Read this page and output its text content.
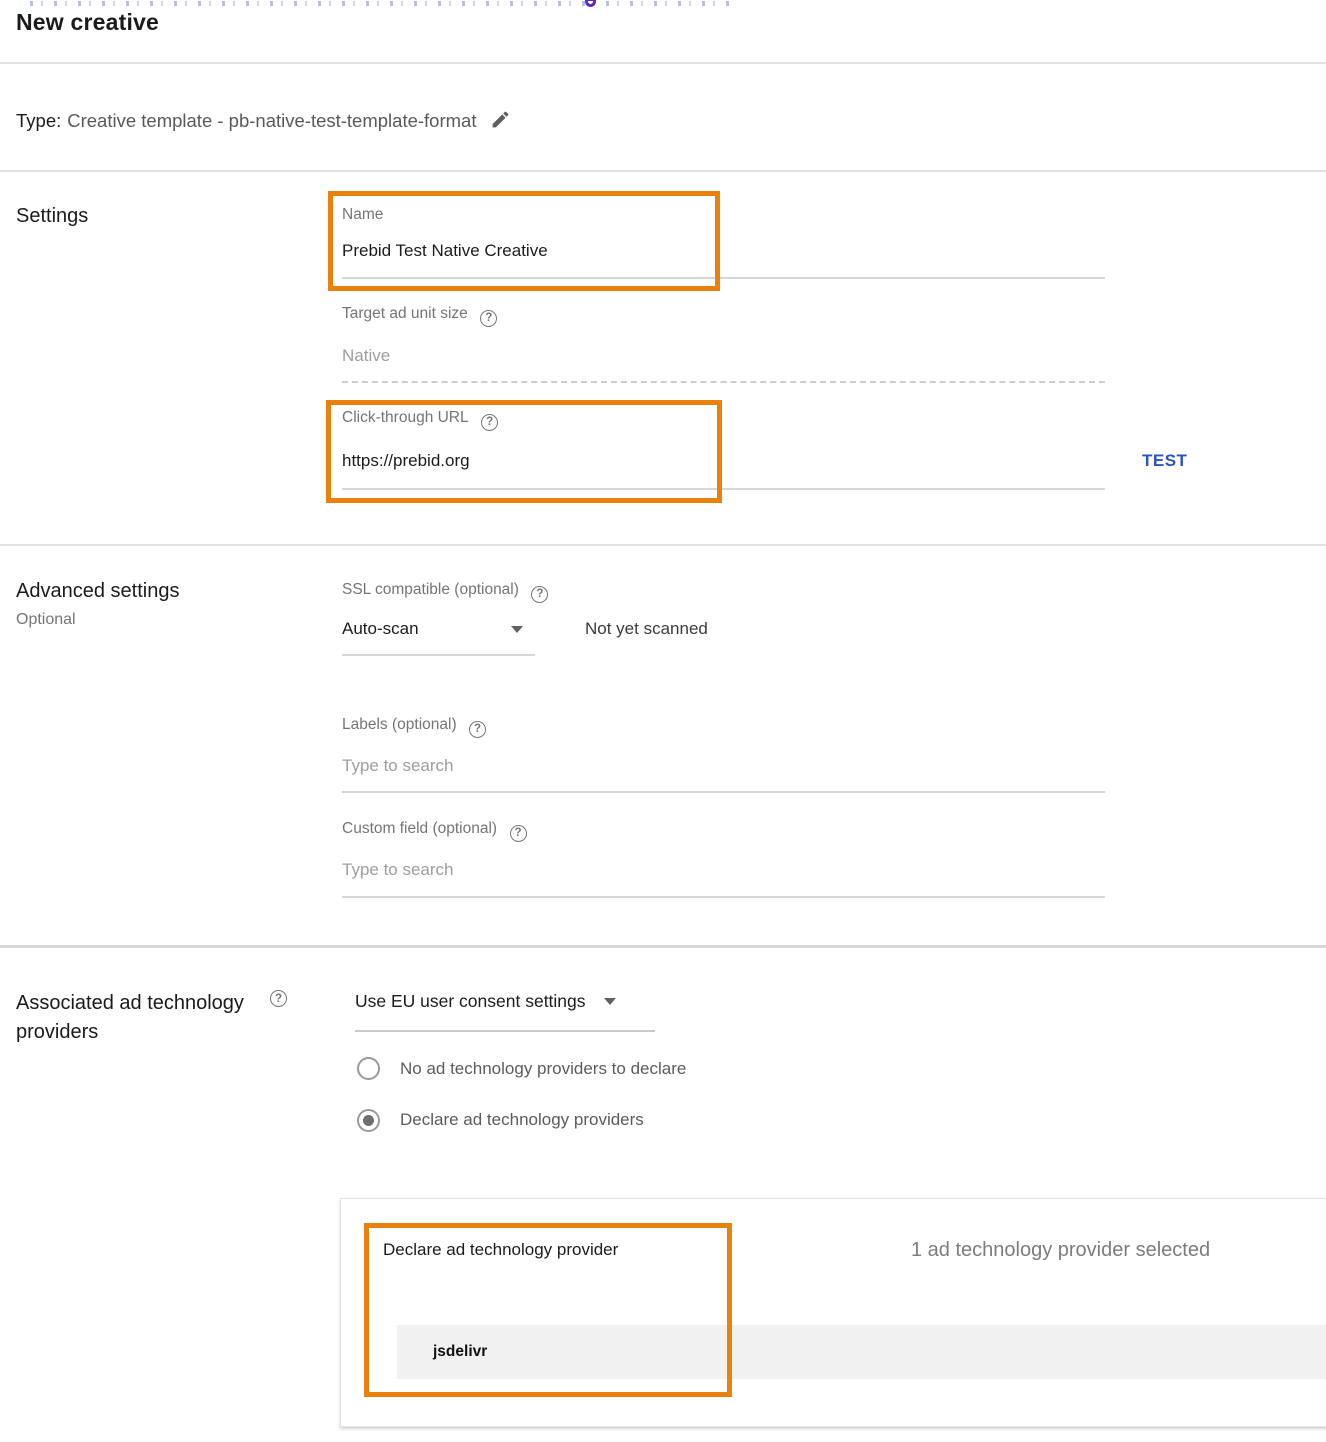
New creative
Type: Creative template - pb-native-test-template-format
Settings	Name
Prebid Test Native Creative
Target ad unit size ?
Native
Click-through URL ?
https://prebid.org	TEST
Advanced settings
Optional
SSL compatible (optional) ?
Auto-scan	Not yet scanned
Labels (optional) ?
Type to search
Custom field (optional) ?
Type to search
Associated ad technology providers
?
Use EU user consent settings
No ad technology providers to declare
Declare ad technology providers
Declare ad technology provider	1 ad technology provider selected
jsdelivr
